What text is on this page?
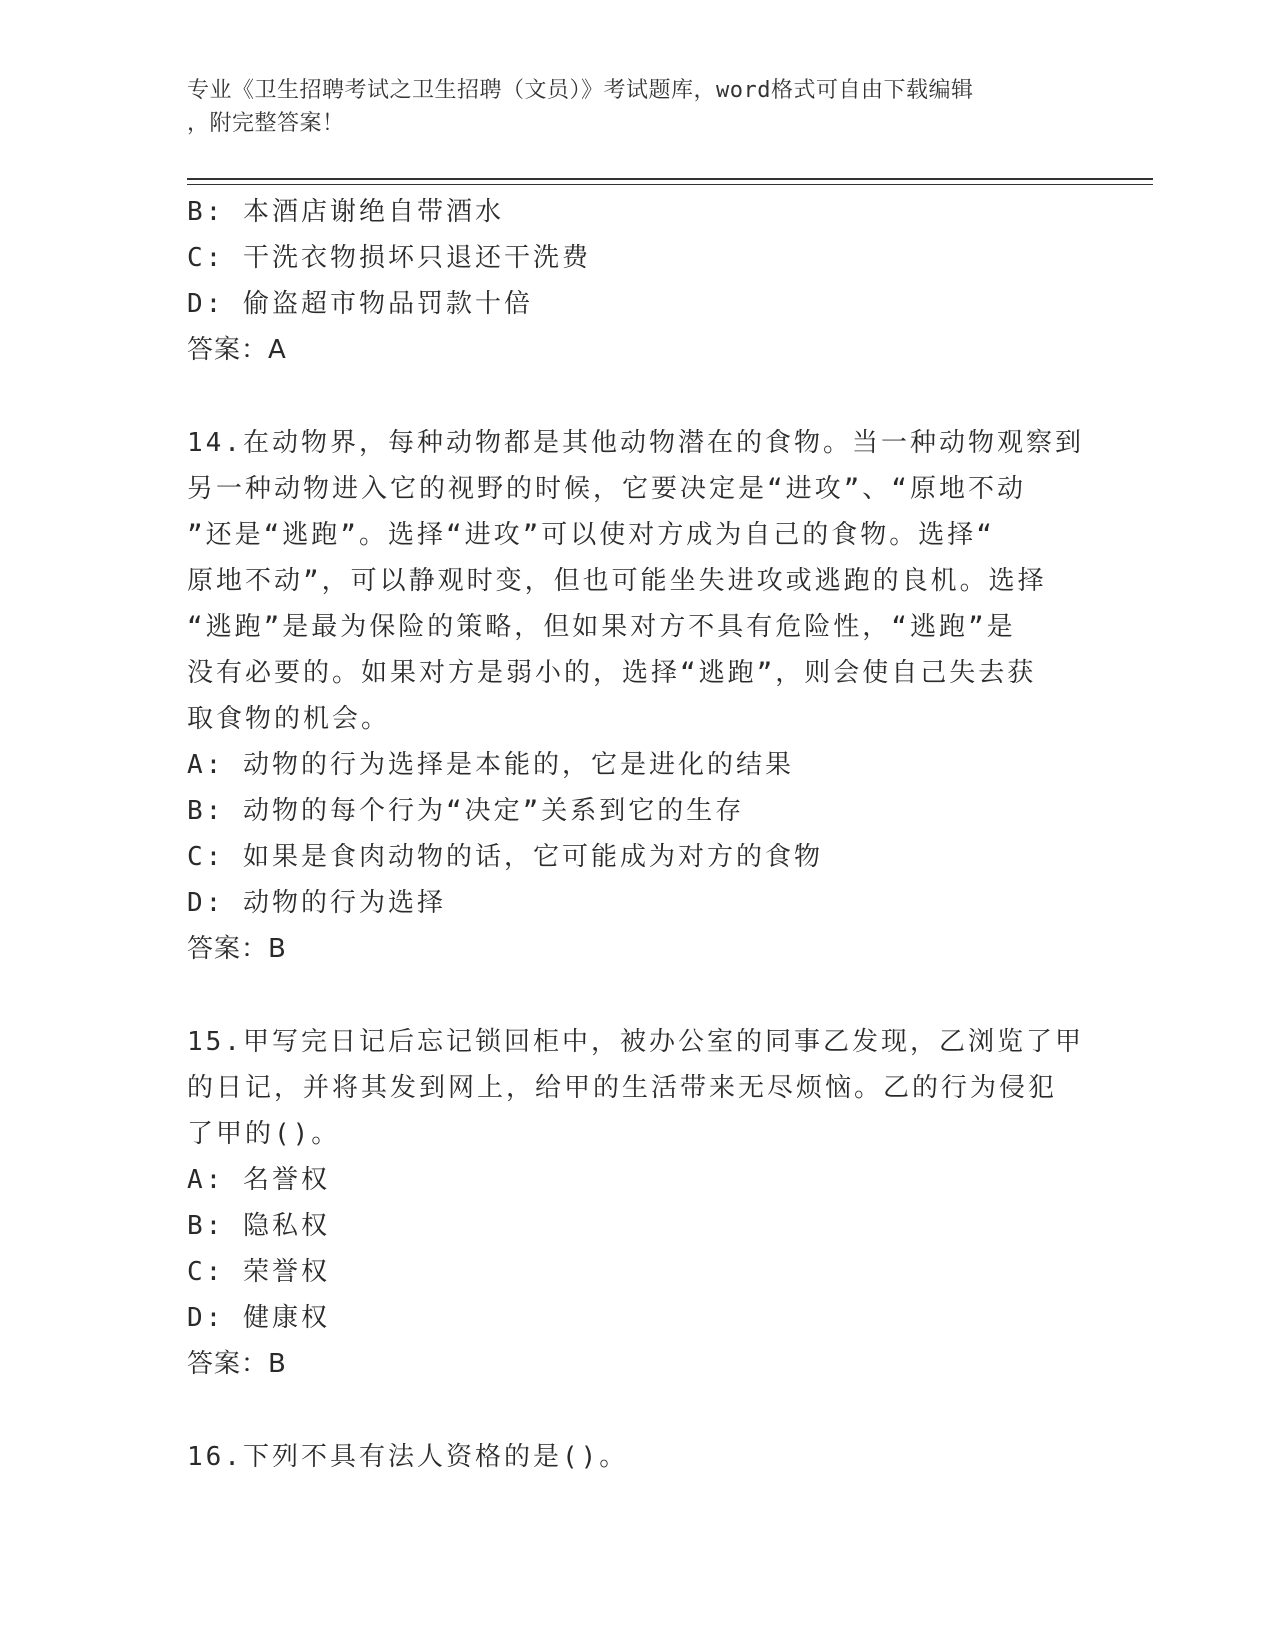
专业《卫生招聘考试之卫生招聘（文员）》考试题库，word格式可自由下载编辑
，附完整答案！
B: 本酒店谢绝自带酒水
C: 干洗衣物损坏只退还干洗费
D: 偷盗超市物品罚款十倍
答案：A
14.在动物界，每种动物都是其他动物潜在的食物。当一种动物观察到
另一种动物进入它的视野的时候，它要决定是“进攻”、“原地不动
”还是“逃跑”。选择“进攻”可以使对方成为自己的食物。选择“
原地不动”，可以静观时变，但也可能坐失进攻或逃跑的良机。选择
“逃跑”是最为保险的策略，但如果对方不具有危险性，“逃跑”是
没有必要的。如果对方是弱小的，选择“逃跑”，则会使自己失去获
取食物的机会。
A: 动物的行为选择是本能的，它是进化的结果
B: 动物的每个行为“决定”关系到它的生存
C: 如果是食肉动物的话，它可能成为对方的食物
D: 动物的行为选择
答案：B
15.甲写完日记后忘记锁回柜中，被办公室的同事乙发现，乙浏览了甲
的日记，并将其发到网上，给甲的生活带来无尽烦恼。乙的行为侵犯
了甲的()。
A: 名誉权
B: 隐私权
C: 荣誉权
D: 健康权
答案：B
16.下列不具有法人资格的是()。
